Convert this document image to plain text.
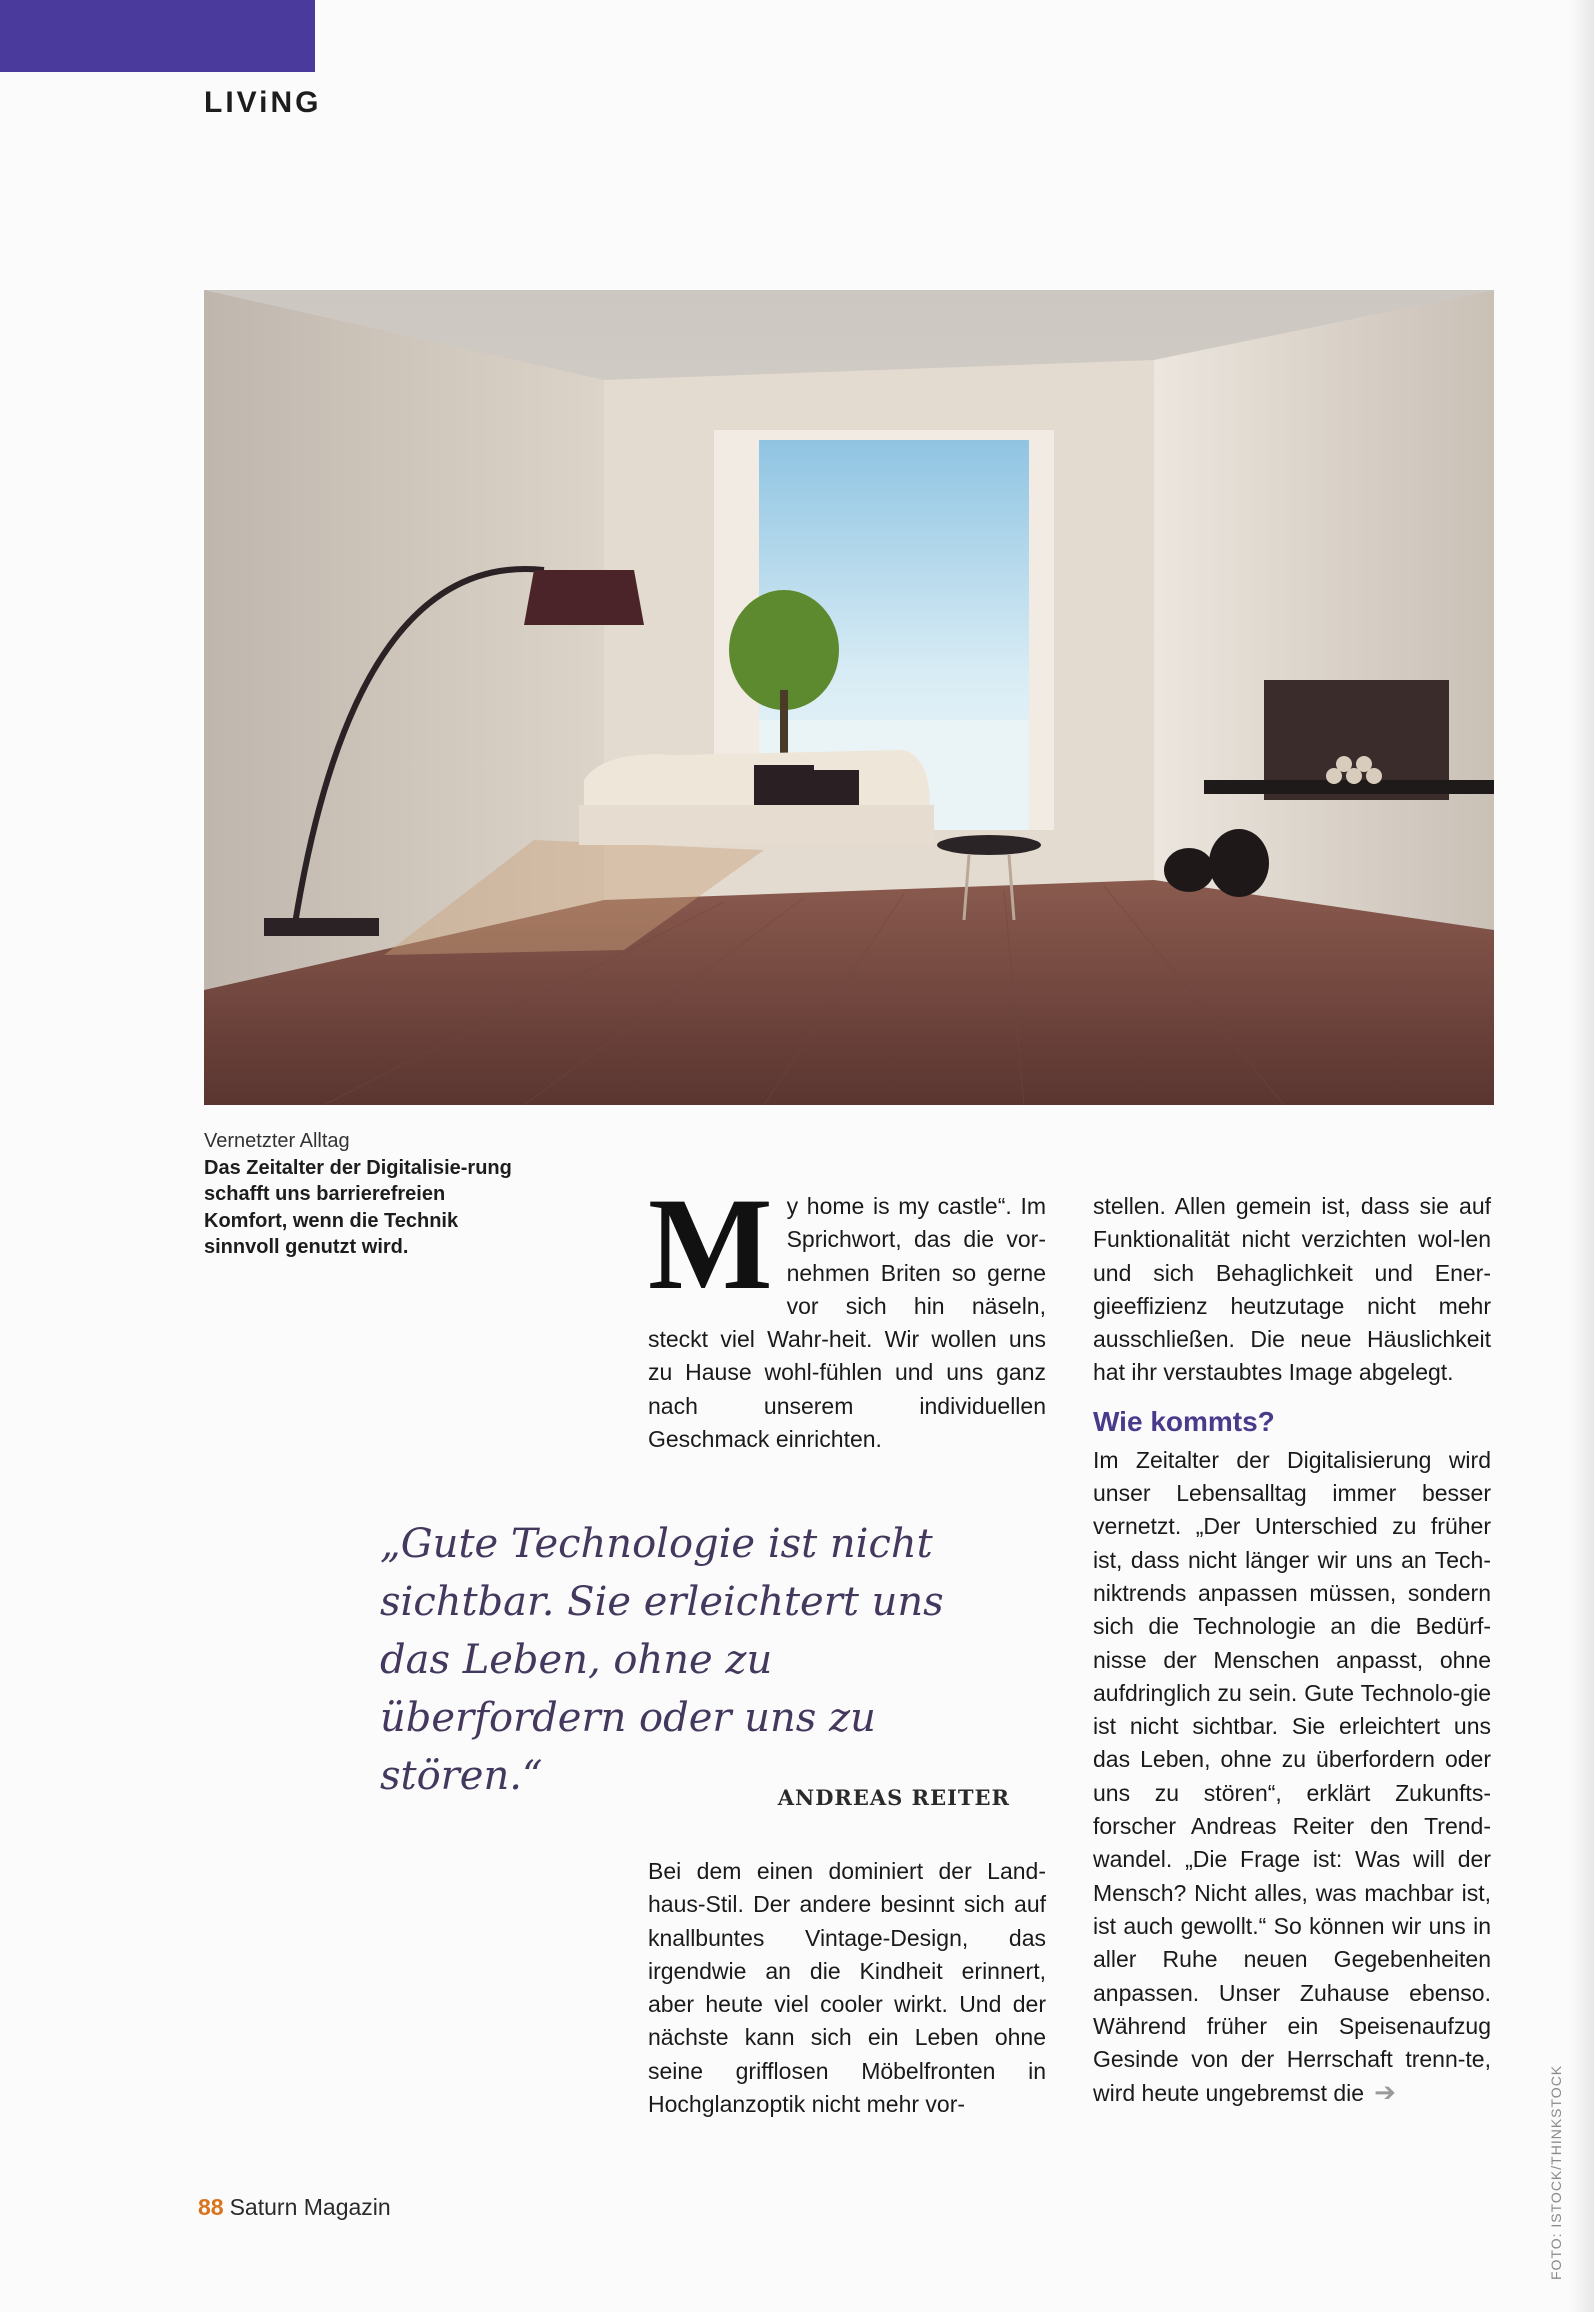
LIViNG
Vernetzter Alltag
Das Zeitalter der Digitalisie-rung schafft uns barrierefreien Komfort, wenn die Technik sinnvoll genutzt wird.	M y home is my castle“. Im Sprichwort, das die vor-nehmen Briten so gerne vor sich hin näseln, steckt viel Wahr-heit. Wir wollen uns zu Hause wohl-fühlen und uns ganz nach unserem individuellen Geschmack einrichten.

„Gute Technologie ist nicht sichtbar. Sie erleichtert uns das Leben, ohne zu überfordern oder uns zu stören.“	ANDREAS REITER

Bei dem einen dominiert der Land-haus-Stil. Der andere besinnt sich auf knallbuntes Vintage-Design, das irgendwie an die Kindheit erinnert, aber heute viel cooler wirkt. Und der nächste kann sich ein Leben ohne seine grifflosen Möbelfronten in Hochglanzoptik nicht mehr vor-

stellen. Allen gemein ist, dass sie auf Funktionalität nicht verzichten wol-len und sich Behaglichkeit und Ener-gieeffizienz heutzutage nicht mehr ausschließen. Die neue Häuslichkeit hat ihr verstaubtes Image abgelegt.

Wie kommts?

Im Zeitalter der Digitalisierung wird unser Lebensalltag immer besser vernetzt. „Der Unterschied zu früher ist, dass nicht länger wir uns an Tech-niktrends anpassen müssen, sondern sich die Technologie an die Bedürf-nisse der Menschen anpasst, ohne aufdringlich zu sein. Gute Technolo-gie ist nicht sichtbar. Sie erleichtert uns das Leben, ohne zu überfordern oder uns zu stören“, erklärt Zukunfts-forscher Andreas Reiter den Trend-wandel. „Die Frage ist: Was will der Mensch? Nicht alles, was machbar ist, ist auch gewollt.“ So können wir uns in aller Ruhe neuen Gegebenheiten anpassen. Unser Zuhause ebenso. Während früher ein Speisenaufzug Gesinde von der Herrschaft trenn-te, wird heute ungebremst die ➔	FOTO: ISTOCK/THINKSTOCK
88 Saturn Magazin
